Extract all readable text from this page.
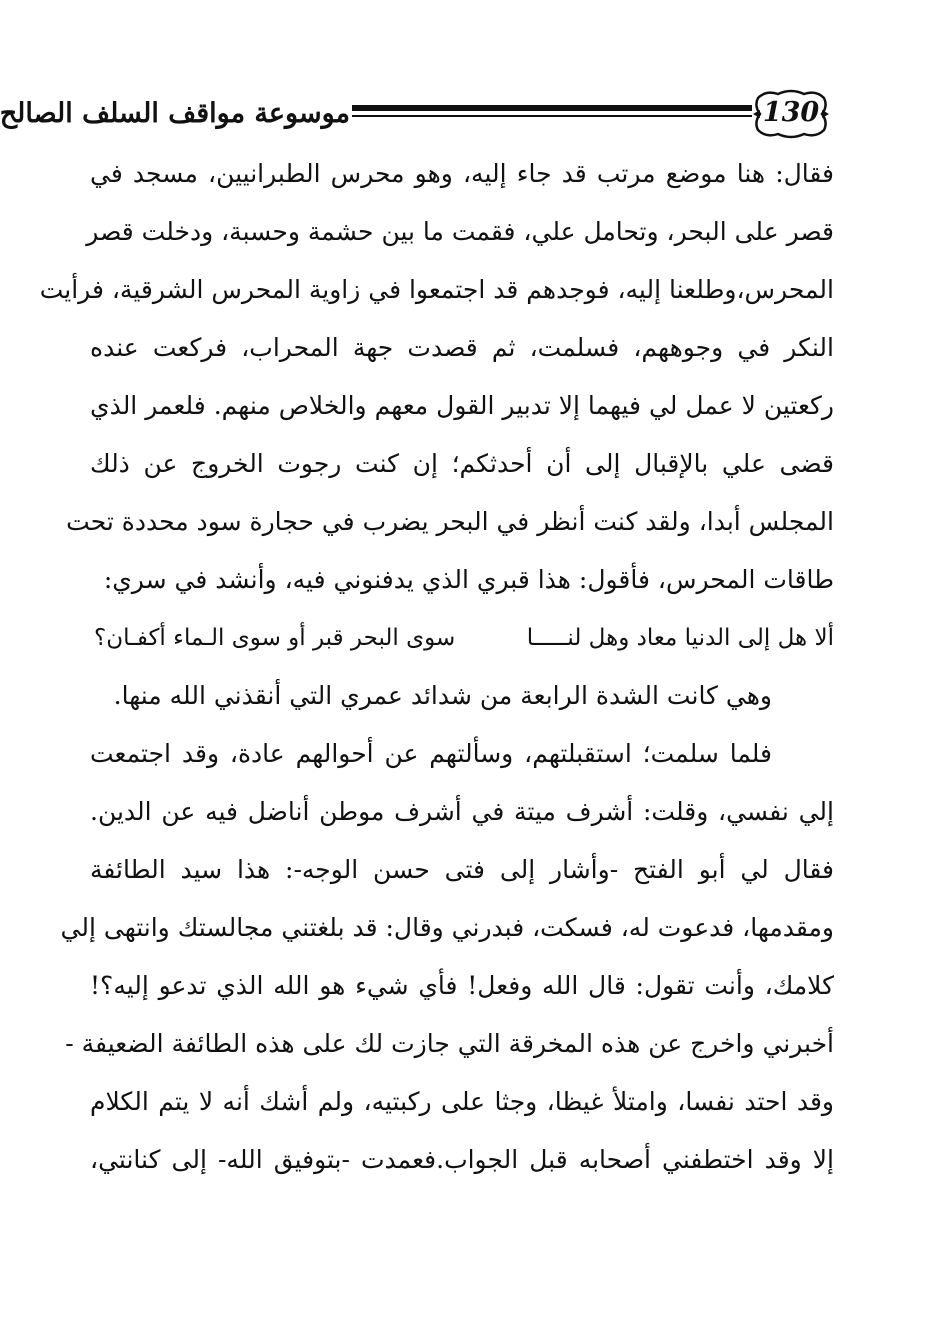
موسوعة مواقف السلف الصالح	130
فقال: هنا موضع مرتب قد جاء إليه، وهو محرس الطبرانيين، مسجد في
قصر على البحر، وتحامل علي، فقمت ما بين حشمة وحسبة، ودخلت قصر
المحرس،وطلعنا إليه، فوجدهم قد اجتمعوا في زاوية المحرس الشرقية، فرأيت
النكر في وجوههم، فسلمت، ثم قصدت جهة المحراب، فركعت عنده
ركعتين لا عمل لي فيهما إلا تدبير القول معهم والخلاص منهم. فلعمر الذي
قضى علي بالإقبال إلى أن أحدثكم؛ إن كنت رجوت الخروج عن ذلك
المجلس أبدا، ولقد كنت أنظر في البحر يضرب في حجارة سود محددة تحت
طاقات المحرس، فأقول: هذا قبري الذي يدفنوني فيه، وأنشد في سري:
ألا هل إلى الدنيا معاد وهل لنـــــا
سوى البحر قبر أو سوى الـماء أكفـان؟
وهي كانت الشدة الرابعة من شدائد عمري التي أنقذني الله منها.
فلما سلمت؛ استقبلتهم، وسألتهم عن أحوالهم عادة، وقد اجتمعت
إلي نفسي، وقلت: أشرف ميتة في أشرف موطن أناضل فيه عن الدين.
فقال لي أبو الفتح -وأشار إلى فتى حسن الوجه-: هذا سيد الطائفة
ومقدمها، فدعوت له، فسكت، فبدرني وقال: قد بلغتني مجالستك وانتهى إلي
كلامك، وأنت تقول: قال الله وفعل! فأي شيء هو الله الذي تدعو إليه؟!
أخبرني واخرج عن هذه المخرقة التي جازت لك على هذه الطائفة الضعيفة -
وقد احتد نفسا، وامتلأ غيظا، وجثا على ركبتيه، ولم أشك أنه لا يتم الكلام
إلا وقد اختطفني أصحابه قبل الجواب.فعمدت -بتوفيق الله- إلى كنانتي،
